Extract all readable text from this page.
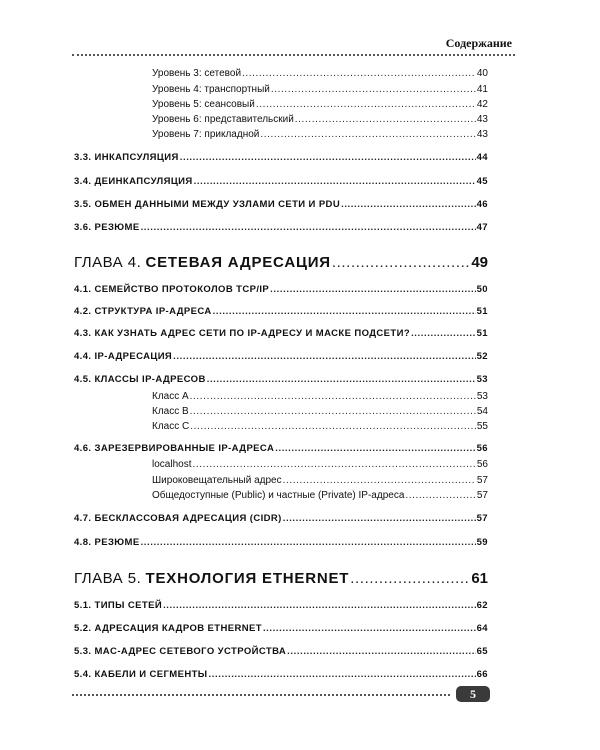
Содержание
Уровень 3: сетевой .....	40
Уровень 4: транспортный .....	41
Уровень 5: сеансовый .....	42
Уровень 6: представительский .....	43
Уровень 7: прикладной .....	43
3.3. ИНКАПСУЛЯЦИЯ .....	44
3.4. ДЕИНКАПСУЛЯЦИЯ .....	45
3.5. ОБМЕН ДАННЫМИ МЕЖДУ УЗЛАМИ СЕТИ И PDU .....	46
3.6. РЕЗЮМЕ .....	47
ГЛАВА 4. СЕТЕВАЯ АДРЕСАЦИЯ .....	49
4.1. СЕМЕЙСТВО ПРОТОКОЛОВ TCP/IP .....	50
4.2. СТРУКТУРА IP-АДРЕСА .....	51
4.3. КАК УЗНАТЬ АДРЕС СЕТИ ПО IP-АДРЕСУ И МАСКЕ ПОДСЕТИ? .....	51
4.4. IP-АДРЕСАЦИЯ .....	52
4.5. КЛАССЫ IP-АДРЕСОВ .....	53
Класс А .....	53
Класс В .....	54
Класс С .....	55
4.6. ЗАРЕЗЕРВИРОВАННЫЕ IP-АДРЕСА .....	56
localhost .....	56
Широковещательный адрес .....	57
Общедоступные (Public) и частные (Private) IP-адреса .....	57
4.7. БЕСКЛАССОВАЯ АДРЕСАЦИЯ (CIDR) .....	57
4.8. РЕЗЮМЕ .....	59
ГЛАВА 5. ТЕХНОЛОГИЯ ETHERNET .....	61
5.1. ТИПЫ СЕТЕЙ .....	62
5.2. АДРЕСАЦИЯ КАДРОВ ETHERNET .....	64
5.3. MAC-АДРЕС СЕТЕВОГО УСТРОЙСТВА .....	65
5.4. КАБЕЛИ И СЕГМЕНТЫ .....	66
5
